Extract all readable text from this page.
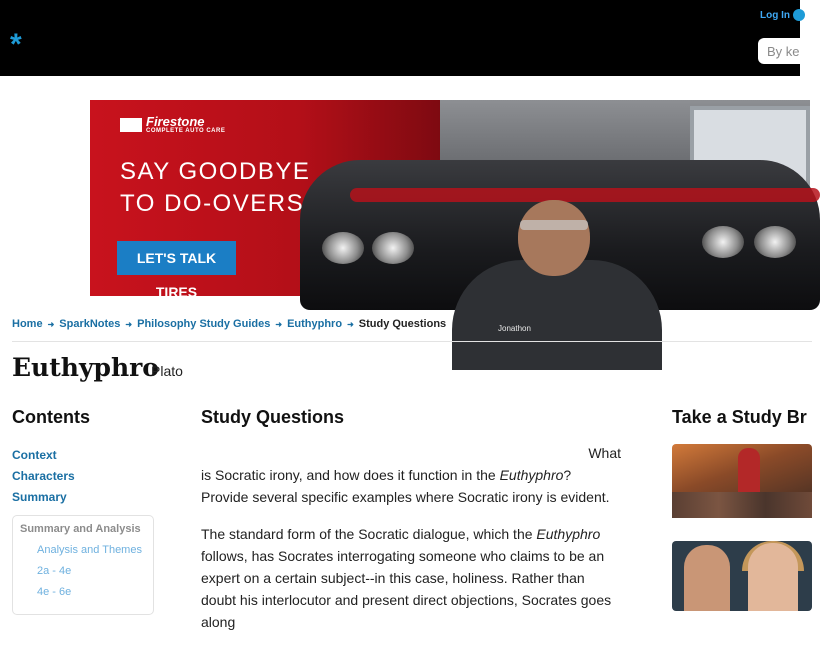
*
Log In
By ke
Jonathon
Firestone
COMPLETE AUTO CARE
SAY GOODBYE
TO DO-OVERS
LET'S TALK TIRES
Home ➜ SparkNotes ➜ Philosophy Study Guides ➜ Euthyphro ➜ Study Questions
Euthyphro
Plato
Contents
Context
Characters
Summary
Summary and Analysis
Analysis and Themes
2a - 4e
4e - 6e
Study Questions

What

is Socratic irony, and how does it function in the Euthyphro? Provide several specific examples where Socratic irony is evident.

The standard form of the Socratic dialogue, which the Euthyphro follows, has Socrates interrogating someone who claims to be an expert on a certain subject--in this case, holiness. Rather than doubt his interlocutor and present direct objections, Socrates goes along

Take a Study Br
